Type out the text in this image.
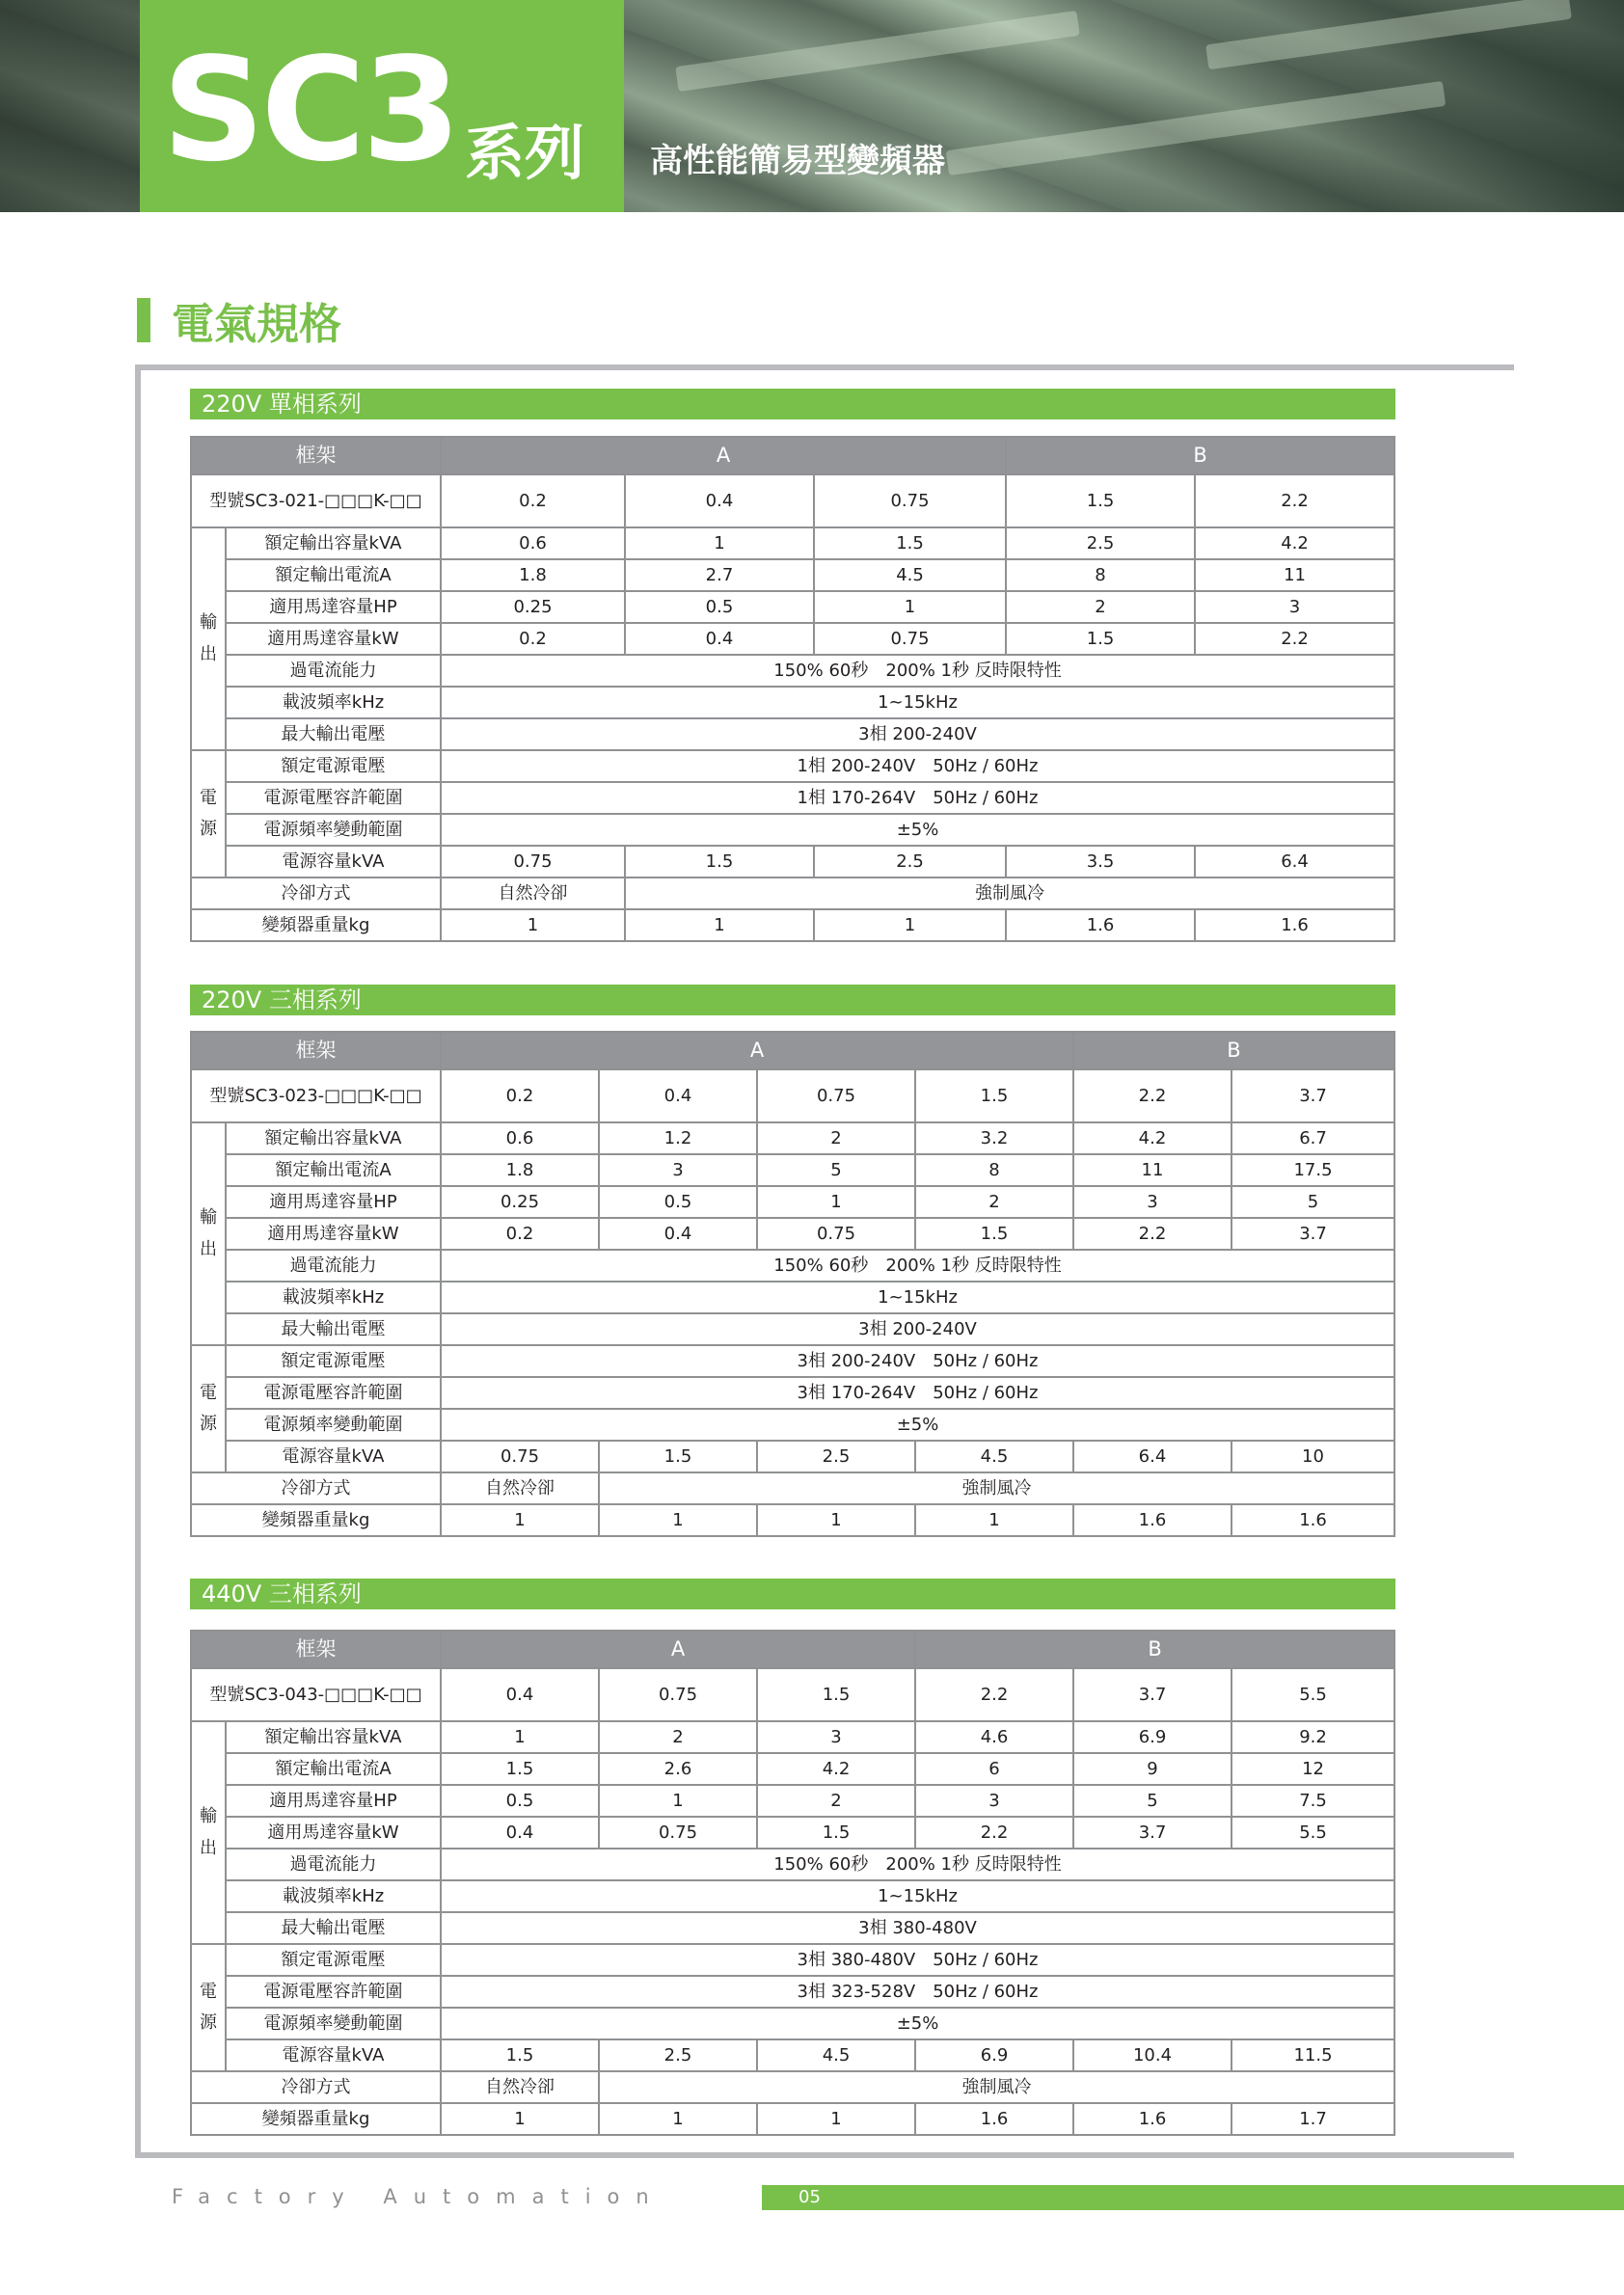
SC3 系列 高性能簡易型變頻器
電氣規格
220V 單相系列
框架		A			B	
型號SC3-021-□□□K-□□		0.2	0.4	0.75	1.5	2.2
輸
出	額定輸出容量kVA	0.6	1	1.5	2.5	4.2
	額定輸出電流A	1.8	2.7	4.5	8	11
	適用馬達容量HP	0.25	0.5	1	2	3
	適用馬達容量kW	0.2	0.4	0.75	1.5	2.2
	過電流能力	150% 60秒　200% 1秒 反時限特性				
	載波頻率kHz	1~15kHz				
	最大輸出電壓	3相 200-240V				
電
源	額定電源電壓	1相 200-240V　50Hz / 60Hz				
	電源電壓容許範圍	1相 170-264V　50Hz / 60Hz				
	電源頻率變動範圍	±5%				
	電源容量kVA	0.75	1.5	2.5	3.5	6.4
冷卻方式		自然冷卻	強制風冷			
變頻器重量kg		1	1	1	1.6	1.6
220V 三相系列
框架		A				B	
型號SC3-023-□□□K-□□		0.2	0.4	0.75	1.5	2.2	3.7
輸
出	額定輸出容量kVA	0.6	1.2	2	3.2	4.2	6.7
	額定輸出電流A	1.8	3	5	8	11	17.5
	適用馬達容量HP	0.25	0.5	1	2	3	5
	適用馬達容量kW	0.2	0.4	0.75	1.5	2.2	3.7
	過電流能力	150% 60秒　200% 1秒 反時限特性					
	載波頻率kHz	1~15kHz					
	最大輸出電壓	3相 200-240V					
電
源	額定電源電壓	3相 200-240V　50Hz / 60Hz					
	電源電壓容許範圍	3相 170-264V　50Hz / 60Hz					
	電源頻率變動範圍	±5%					
	電源容量kVA	0.75	1.5	2.5	4.5	6.4	10
冷卻方式		自然冷卻	強制風冷				
變頻器重量kg		1	1	1	1	1.6	1.6
440V 三相系列
框架		A			B		
型號SC3-043-□□□K-□□		0.4	0.75	1.5	2.2	3.7	5.5
輸
出	額定輸出容量kVA	1	2	3	4.6	6.9	9.2
	額定輸出電流A	1.5	2.6	4.2	6	9	12
	適用馬達容量HP	0.5	1	2	3	5	7.5
	適用馬達容量kW	0.4	0.75	1.5	2.2	3.7	5.5
	過電流能力	150% 60秒　200% 1秒 反時限特性					
	載波頻率kHz	1~15kHz					
	最大輸出電壓	3相 380-480V					
電
源	額定電源電壓	3相 380-480V　50Hz / 60Hz					
	電源電壓容許範圍	3相 323-528V　50Hz / 60Hz					
	電源頻率變動範圍	±5%					
	電源容量kVA	1.5	2.5	4.5	6.9	10.4	11.5
冷卻方式		自然冷卻	強制風冷				
變頻器重量kg		1	1	1	1.6	1.6	1.7
Factory Automation	05
